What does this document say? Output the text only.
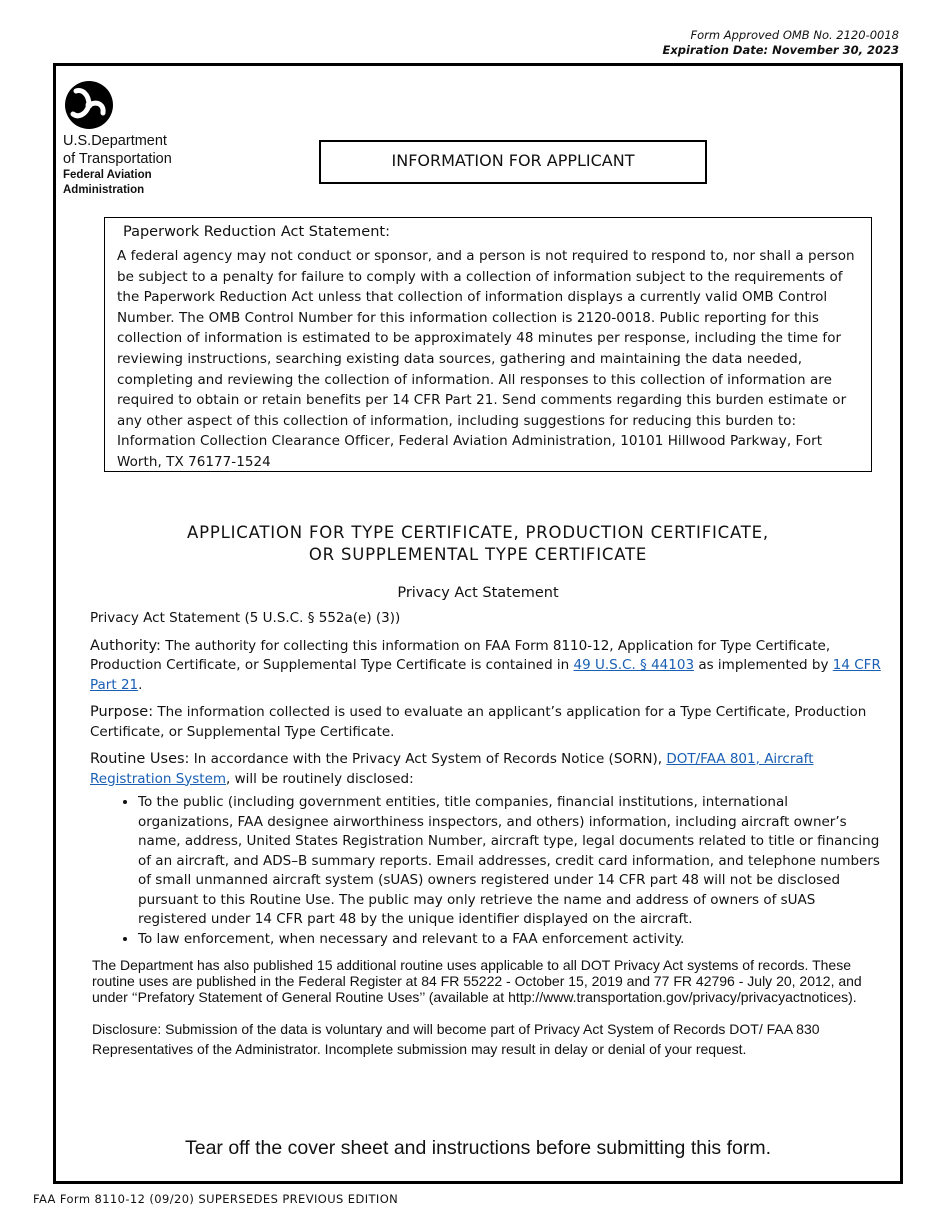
Form Approved OMB No. 2120-0018
Expiration Date: November 30, 2023
U.S.Department
of Transportation
Federal Aviation
Administration
INFORMATION FOR APPLICANT
Paperwork Reduction Act Statement:

A federal agency may not conduct or sponsor, and a person is not required to respond to, nor shall a person be subject to a penalty for failure to comply with a collection of information subject to the requirements of the Paperwork Reduction Act unless that collection of information displays a currently valid OMB Control Number. The OMB Control Number for this information collection is 2120-0018. Public reporting for this collection of information is estimated to be approximately 48 minutes per response, including the time for reviewing instructions, searching existing data sources, gathering and maintaining the data needed, completing and reviewing the collection of information. All responses to this collection of information are required to obtain or retain benefits per 14 CFR Part 21. Send comments regarding this burden estimate or any other aspect of this collection of information, including suggestions for reducing this burden to: Information Collection Clearance Officer, Federal Aviation Administration, 10101 Hillwood Parkway, Fort Worth, TX 76177-1524

APPLICATION FOR TYPE CERTIFICATE, PRODUCTION CERTIFICATE,
OR SUPPLEMENTAL TYPE CERTIFICATE
Privacy Act Statement

Privacy Act Statement (5 U.S.C. § 552a(e) (3))

Authority: The authority for collecting this information on FAA Form 8110-12, Application for Type Certificate, Production Certificate, or Supplemental Type Certificate is contained in 49 U.S.C. § 44103 as implemented by 14 CFR Part 21.

Purpose: The information collected is used to evaluate an applicant’s application for a Type Certificate, Production Certificate, or Supplemental Type Certificate.

Routine Uses: In accordance with the Privacy Act System of Records Notice (SORN), DOT/FAA 801, Aircraft Registration System, will be routinely disclosed:

• To the public (including government entities, title companies, financial institutions, international organizations, FAA designee airworthiness inspectors, and others) information, including aircraft owner’s name, address, United States Registration Number, aircraft type, legal documents related to title or financing of an aircraft, and ADS–B summary reports. Email addresses, credit card information, and telephone numbers of small unmanned aircraft system (sUAS) owners registered under 14 CFR part 48 will not be disclosed pursuant to this Routine Use. The public may only retrieve the name and address of owners of sUAS registered under 14 CFR part 48 by the unique identifier displayed on the aircraft.
• To law enforcement, when necessary and relevant to a FAA enforcement activity.
The Department has also published 15 additional routine uses applicable to all DOT Privacy Act systems of records. These routine uses are published in the Federal Register at 84 FR 55222 - October 15, 2019 and 77 FR 42796 - July 20, 2012, and under ‘‘Prefatory Statement of General Routine Uses’’ (available at http://www.transportation.gov/privacy/privacyactnotices).
Disclosure: Submission of the data is voluntary and will become part of Privacy Act System of Records DOT/ FAA 830 Representatives of the Administrator. Incomplete submission may result in delay or denial of your request.
Tear off the cover sheet and instructions before submitting this form.
FAA Form 8110-12 (09/20) SUPERSEDES PREVIOUS EDITION
